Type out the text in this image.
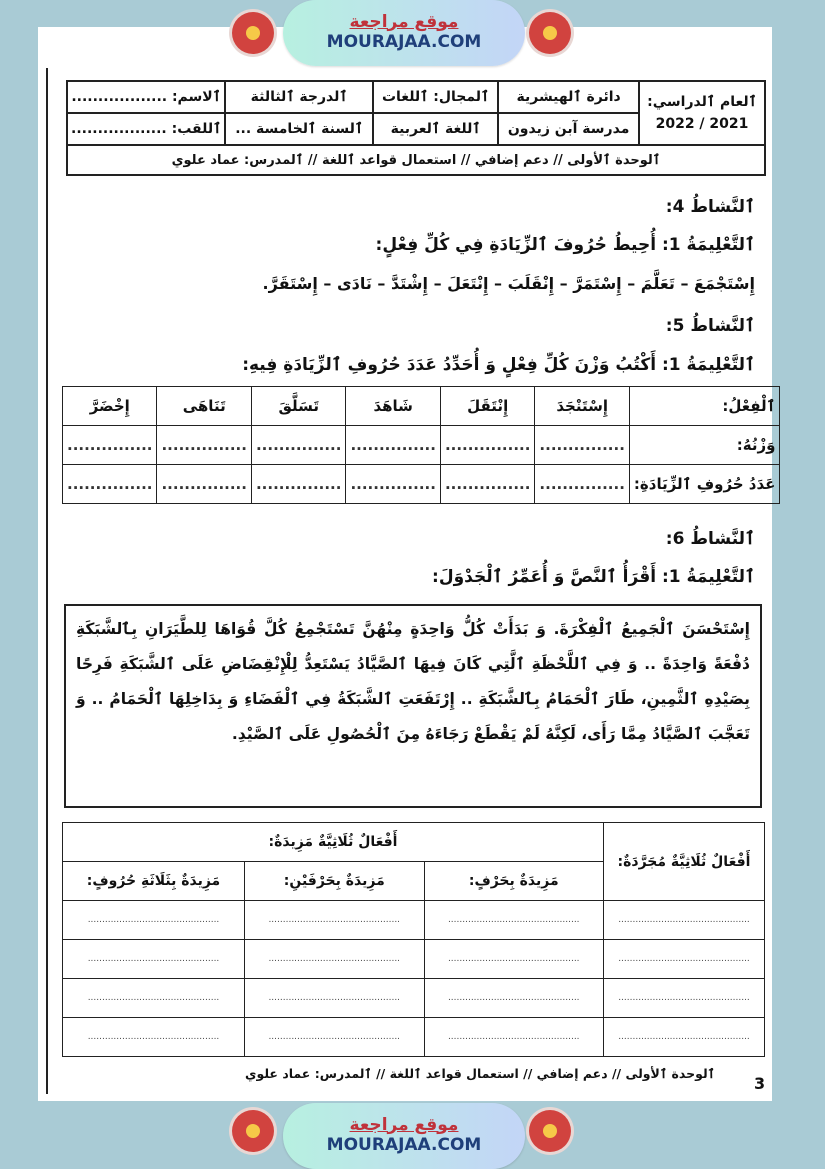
موقع مراجعة
MOURAJAA.COM
ٱلعام ٱلدراسي:
2022 / 2021	دائرة ٱلهيشرية	ٱلمجال: ٱللغات	ٱلدرجة ٱلثالثة	ٱلاسم: ..................
	مدرسة آبن زيدون	ٱللغة ٱلعربية	ٱلسنة ٱلخامسة ...	ٱللقب: ..................
ٱلوحدة ٱلأولى // دعم إضافي // استعمال قواعد ٱللغة // ٱلمدرس: عماد علوي				
ٱلنَّشاطُ 4:
ٱلتَّعْلِيمَةُ 1: أُحِيطُ حُرُوفَ ٱلزِّيَادَةِ فِي كُلِّ فِعْلٍ:
إِسْتَجْمَعَ – تَعَلَّمَ – إِسْتَمَرَّ – إِنْقَلَبَ – إِنْتَعَلَ – إِشْتَدَّ – نَادَى – إِسْتَقَرَّ.
ٱلنَّشاطُ 5:
ٱلتَّعْلِيمَةُ 1: أَكْتُبُ وَزْنَ كُلِّ فِعْلٍ وَ أُحَدِّدُ عَدَدَ حُرُوفِ ٱلزِّيَادَةِ فِيهِ:
ٱلْفِعْلُ:	إِسْتَنْجَدَ	إِنْتَقَلَ	شَاهَدَ	تَسَلَّقَ	تَنَاهَى	إِخْضَرَّ
وَزْنُهُ:	...............	...............	...............	...............	...............	...............
عَدَدُ حُرُوفِ ٱلزِّيَادَةِ:	...............	...............	...............	...............	...............	...............
ٱلنَّشاطُ 6:
ٱلتَّعْلِيمَةُ 1: أَقْرَأُ ٱلنَّصَّ وَ أُعَمِّرُ ٱلْجَدْوَلَ:
إِسْتَحْسَنَ ٱلْجَمِيعُ ٱلْفِكْرَةَ. وَ بَدَأَتْ كُلُّ وَاحِدَةٍ مِنْهُنَّ تَسْتَجْمِعُ كُلَّ قُوَاهَا لِلطَّيَرَانِ بِٱلشَّبَكَةِ دُفْعَةً وَاحِدَةً .. وَ فِي ٱللَّحْظَةِ ٱلَّتِي كَانَ فِيهَا ٱلصَّيَّادُ يَسْتَعِدُّ لِلْإِنْقِضَاضِ عَلَى ٱلشَّبَكَةِ فَرِحًا بِصَيْدِهِ ٱلثَّمِينِ، طَارَ ٱلْحَمَامُ بِٱلشَّبَكَةِ .. إِرْتَفَعَتِ ٱلشَّبَكَةُ فِي ٱلْفَضَاءِ وَ بِدَاخِلِهَا ٱلْحَمَامُ .. وَ تَعَجَّبَ ٱلصَّيَّادُ مِمَّا رَأَى، لَكِنَّهُ لَمْ يَقْطَعْ رَجَاءَهُ مِنَ ٱلْحُصُولِ عَلَى ٱلصَّيْدِ.
أَفْعَالٌ ثُلَاثِيَّةٌ مُجَرَّدَةٌ:	أَفْعَالٌ ثُلَاثِيَّةٌ مَزِيدَةٌ:		
	مَزِيدَةٌ بِحَرْفٍ:	مَزِيدَةٌ بِحَرْفَيْنِ:	مَزِيدَةٌ بِثَلَاثَةِ حُرُوفٍ:
..............................................	..............................................	..............................................	..............................................
..............................................	..............................................	..............................................	..............................................
..............................................	..............................................	..............................................	..............................................
..............................................	..............................................	..............................................	..............................................
ٱلوحدة ٱلأولى // دعم إضافي // استعمال قواعد ٱللغة // ٱلمدرس: عماد علوي
3
موقع مراجعة
MOURAJAA.COM
